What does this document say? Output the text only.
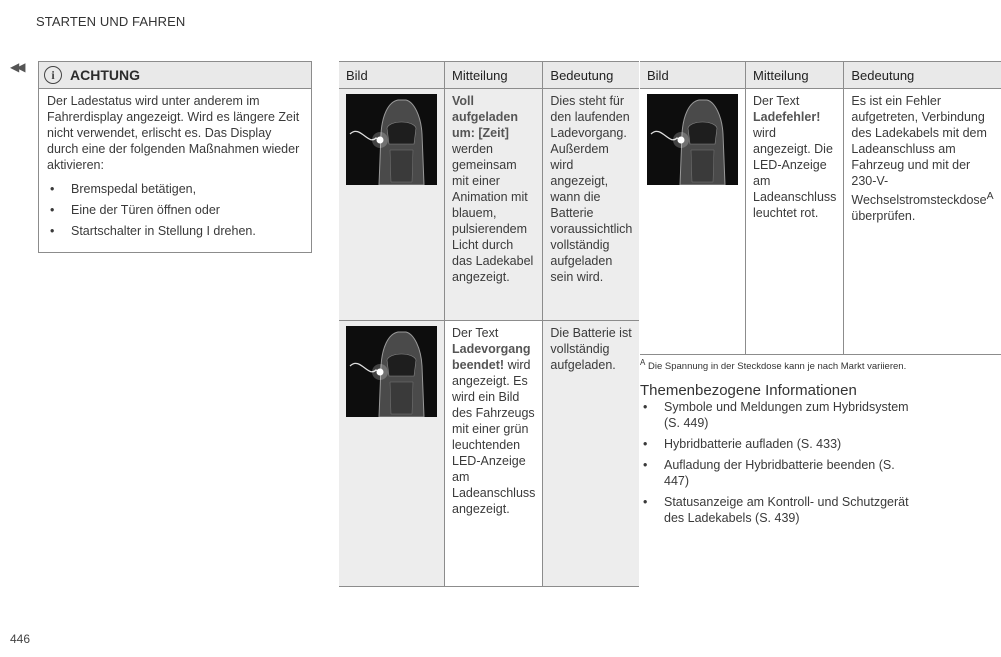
STARTEN UND FAHREN
◀◀
i	ACHTUNG
Der Ladestatus wird unter anderem im Fahrerdisplay angezeigt. Wird es längere Zeit nicht verwendet, erlischt es. Das Display durch eine der folgenden Maßnahmen wieder aktivieren:
• Bremspedal betätigen,
• Eine der Türen öffnen oder
• Startschalter in Stellung I drehen.
Bild	Mitteilung	Bedeutung

	Voll aufgeladen um: [Zeit] werden gemeinsam mit einer Animation mit blauem, pulsierendem Licht durch das Ladekabel angezeigt.	Dies steht für den laufenden Ladevorgang. Außerdem wird angezeigt, wann die Batterie voraussichtlich vollständig aufgeladen sein wird.

	Der Text Ladevorgang beendet! wird angezeigt. Es wird ein Bild des Fahrzeugs mit einer grün leuchtenden LED-Anzeige am Ladeanschluss angezeigt.	Die Batterie ist vollständig aufgeladen.
Bild	Mitteilung	Bedeutung

	Der Text Ladefehler! wird angezeigt. Die LED-Anzeige am Ladeanschluss leuchtet rot.	Es ist ein Fehler aufgetreten, Verbindung des Ladekabels mit dem Ladeanschluss am Fahrzeug und mit der 230-V-Wechselstromsteckdose$^A$ überprüfen.
$^A$ Die Spannung in der Steckdose kann je nach Markt variieren.
Themenbezogene Informationen
• Symbole und Meldungen zum Hybridsystem (S. 449)
• Hybridbatterie aufladen (S. 433)
• Aufladung der Hybridbatterie beenden (S. 447)
• Statusanzeige am Kontroll- und Schutzgerät des Ladekabels (S. 439)
446
